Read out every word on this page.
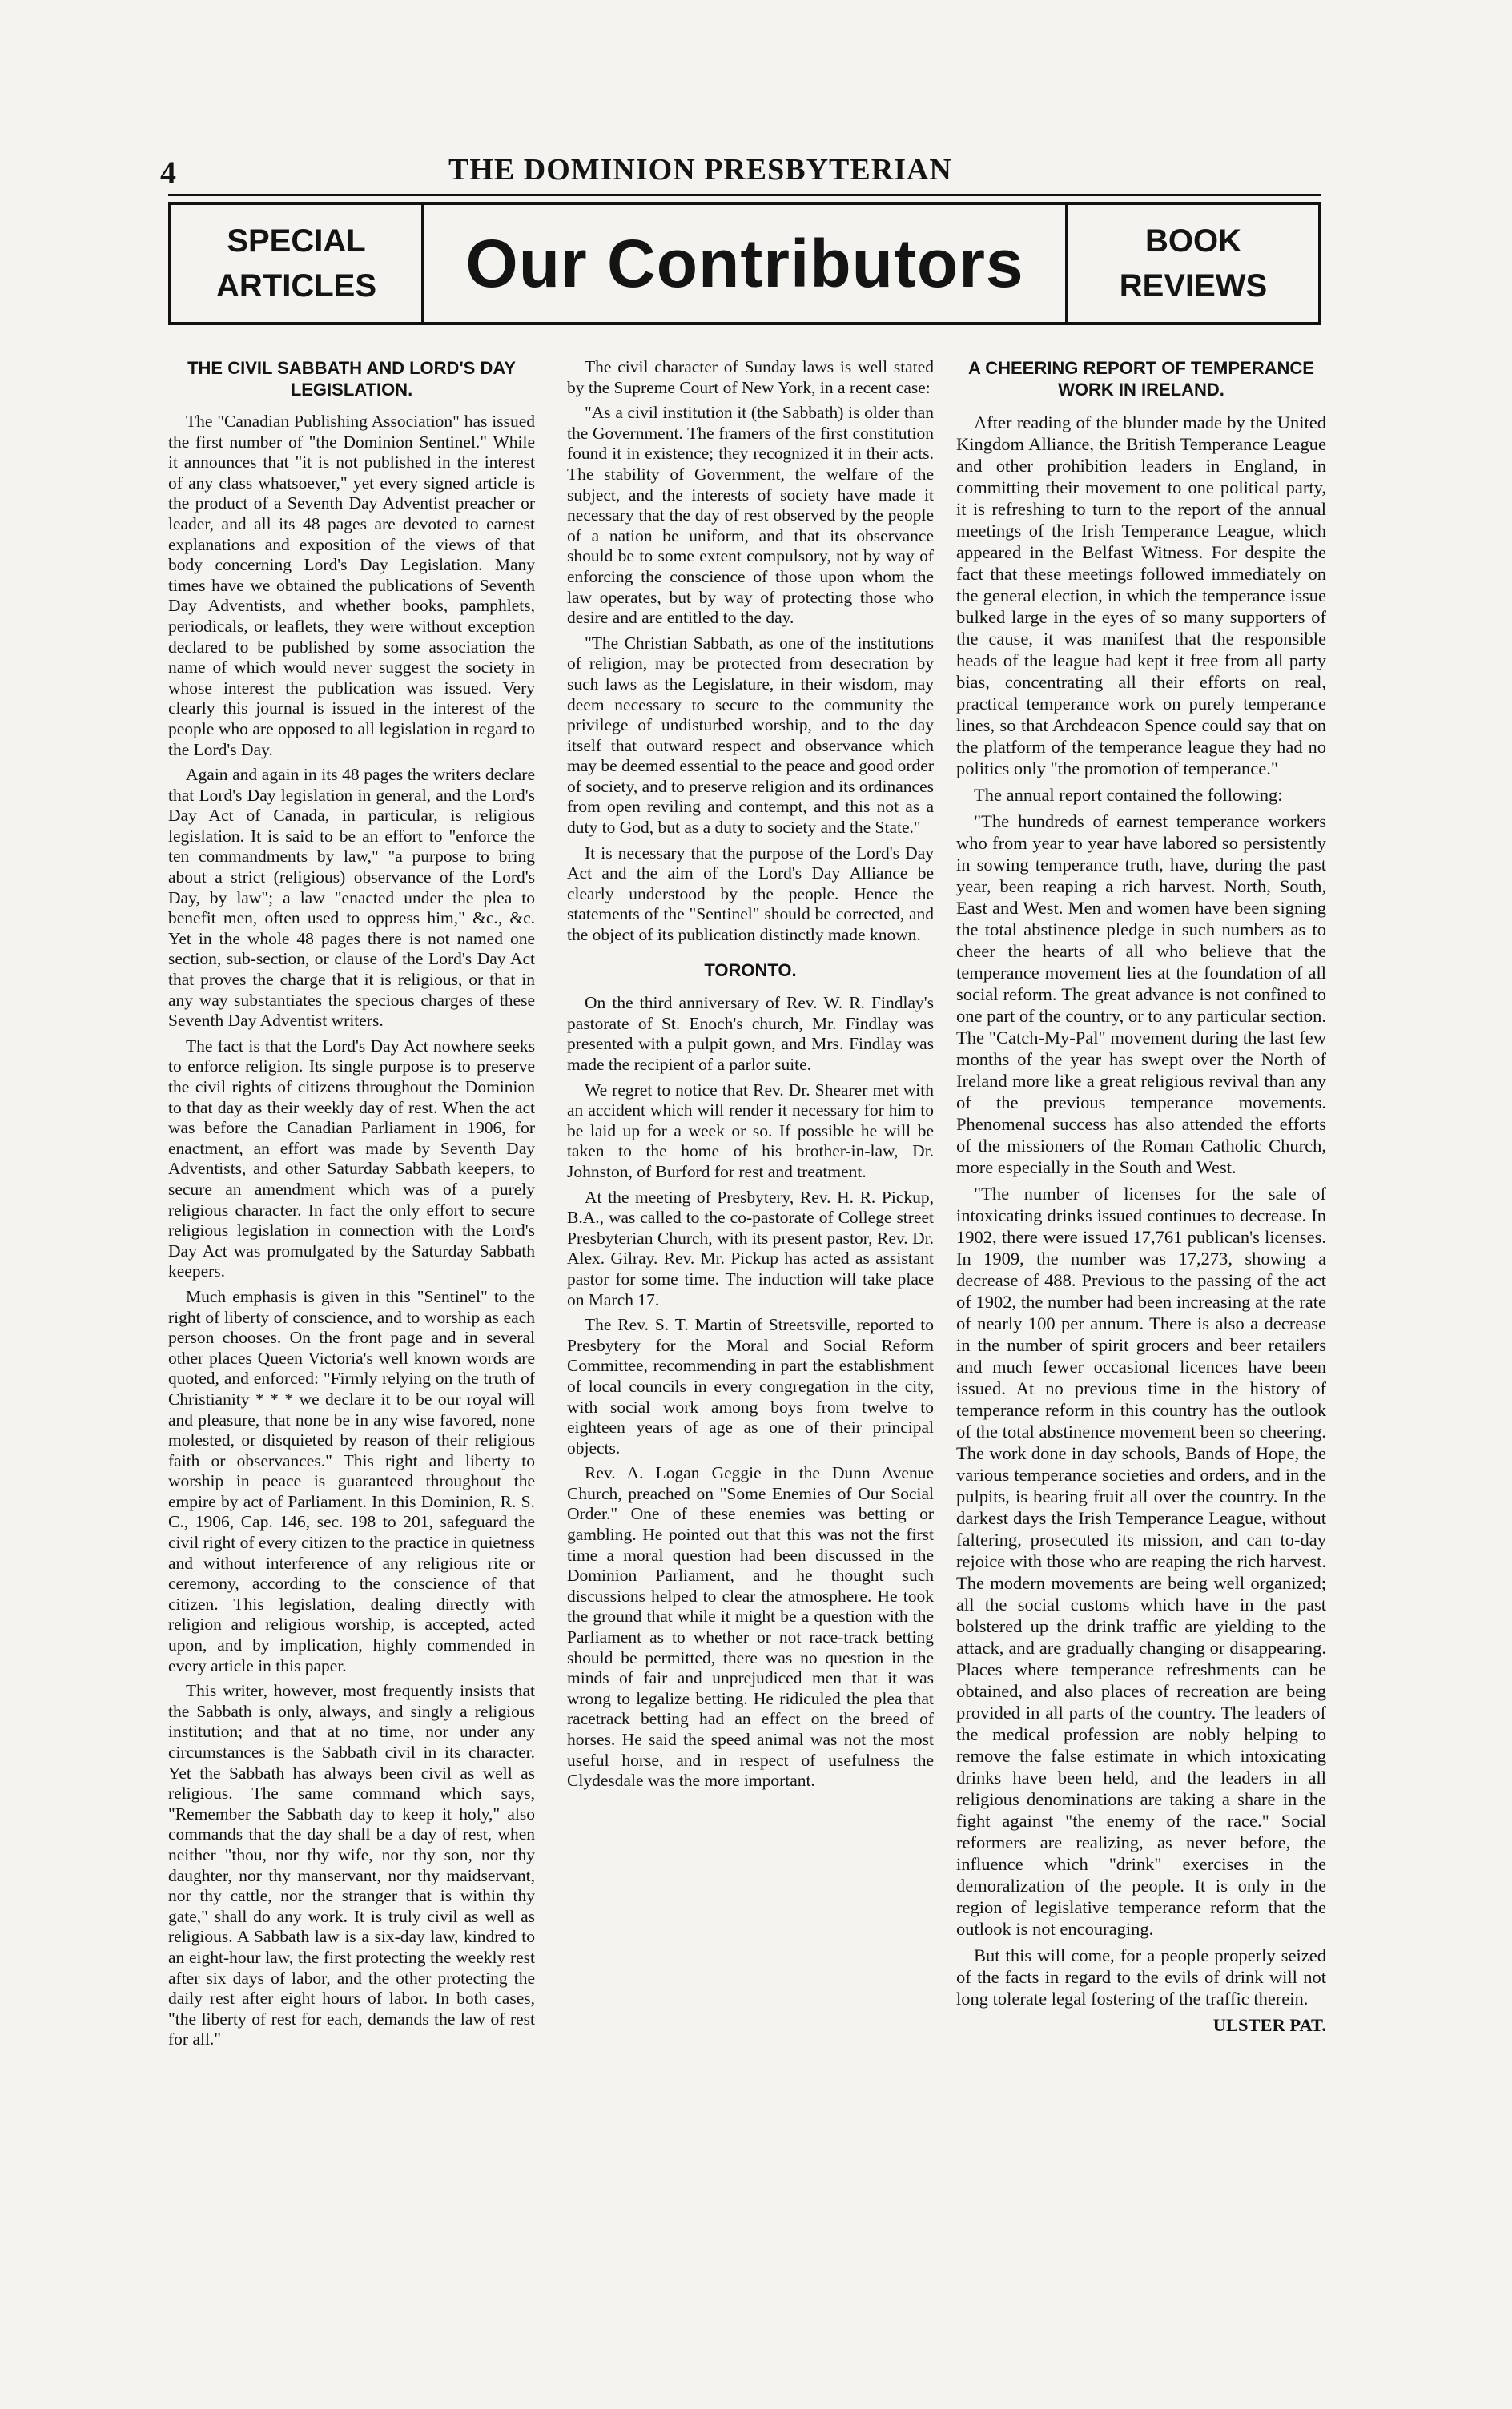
4	THE DOMINION PRESBYTERIAN
SPECIAL
ARTICLES	Our Contributors	BOOK
REVIEWS
THE CIVIL SABBATH AND LORD'S DAY LEGISLATION.

The "Canadian Publishing Association" has issued the first number of "the Dominion Sentinel." While it announces that "it is not published in the interest of any class whatsoever," yet every signed article is the product of a Seventh Day Adventist preacher or leader, and all its 48 pages are devoted to earnest explanations and exposition of the views of that body concerning Lord's Day Legislation. Many times have we obtained the publications of Seventh Day Adventists, and whether books, pamphlets, periodicals, or leaflets, they were without exception declared to be published by some association the name of which would never suggest the society in whose interest the publication was issued. Very clearly this journal is issued in the interest of the people who are opposed to all legislation in regard to the Lord's Day.

Again and again in its 48 pages the writers declare that Lord's Day legislation in general, and the Lord's Day Act of Canada, in particular, is religious legislation. It is said to be an effort to "enforce the ten commandments by law," "a purpose to bring about a strict (religious) observance of the Lord's Day, by law"; a law "enacted under the plea to benefit men, often used to oppress him," &c., &c. Yet in the whole 48 pages there is not named one section, sub-section, or clause of the Lord's Day Act that proves the charge that it is religious, or that in any way substantiates the specious charges of these Seventh Day Adventist writers.

The fact is that the Lord's Day Act nowhere seeks to enforce religion. Its single purpose is to preserve the civil rights of citizens throughout the Dominion to that day as their weekly day of rest. When the act was before the Canadian Parliament in 1906, for enactment, an effort was made by Seventh Day Adventists, and other Saturday Sabbath keepers, to secure an amendment which was of a purely religious character. In fact the only effort to secure religious legislation in connection with the Lord's Day Act was promulgated by the Saturday Sabbath keepers.

Much emphasis is given in this "Sentinel" to the right of liberty of conscience, and to worship as each person chooses. On the front page and in several other places Queen Victoria's well known words are quoted, and enforced: "Firmly relying on the truth of Christianity * * * we declare it to be our royal will and pleasure, that none be in any wise favored, none molested, or disquieted by reason of their religious faith or observances." This right and liberty to worship in peace is guaranteed throughout the empire by act of Parliament. In this Dominion, R. S. C., 1906, Cap. 146, sec. 198 to 201, safeguard the civil right of every citizen to the practice in quietness and without interference of any religious rite or ceremony, according to the conscience of that citizen. This legislation, dealing directly with religion and religious worship, is accepted, acted upon, and by implication, highly commended in every article in this paper.

This writer, however, most frequently insists that the Sabbath is only, always, and singly a religious institution; and that at no time, nor under any circumstances is the Sabbath civil in its character. Yet the Sabbath has always been civil as well as religious. The same command which says, "Remember the Sabbath day to keep it holy," also commands that the day shall be a day of rest, when neither "thou, nor thy wife, nor thy son, nor thy daughter, nor thy manservant, nor thy maidservant, nor thy cattle, nor the stranger that is within thy gate," shall do any work. It is truly civil as well as religious. A Sabbath law is a six-day law, kindred to an eight-hour law, the first protecting the weekly rest after six days of labor, and the other protecting the daily rest after eight hours of labor. In both cases, "the liberty of rest for each, demands the law of rest for all."

The civil character of Sunday laws is well stated by the Supreme Court of New York, in a recent case:

"As a civil institution it (the Sabbath) is older than the Government. The framers of the first constitution found it in existence; they recognized it in their acts. The stability of Government, the welfare of the subject, and the interests of society have made it necessary that the day of rest observed by the people of a nation be uniform, and that its observance should be to some extent compulsory, not by way of enforcing the conscience of those upon whom the law operates, but by way of protecting those who desire and are entitled to the day.

"The Christian Sabbath, as one of the institutions of religion, may be protected from desecration by such laws as the Legislature, in their wisdom, may deem necessary to secure to the community the privilege of undisturbed worship, and to the day itself that outward respect and observance which may be deemed essential to the peace and good order of society, and to preserve religion and its ordinances from open reviling and contempt, and this not as a duty to God, but as a duty to society and the State."

It is necessary that the purpose of the Lord's Day Act and the aim of the Lord's Day Alliance be clearly understood by the people. Hence the statements of the "Sentinel" should be corrected, and the object of its publication distinctly made known.

TORONTO.

On the third anniversary of Rev. W. R. Findlay's pastorate of St. Enoch's church, Mr. Findlay was presented with a pulpit gown, and Mrs. Findlay was made the recipient of a parlor suite.

We regret to notice that Rev. Dr. Shearer met with an accident which will render it necessary for him to be laid up for a week or so. If possible he will be taken to the home of his brother-in-law, Dr. Johnston, of Burford for rest and treatment.

At the meeting of Presbytery, Rev. H. R. Pickup, B.A., was called to the co-pastorate of College street Presbyterian Church, with its present pastor, Rev. Dr. Alex. Gilray. Rev. Mr. Pickup has acted as assistant pastor for some time. The induction will take place on March 17.

The Rev. S. T. Martin of Streetsville, reported to Presbytery for the Moral and Social Reform Committee, recommending in part the establishment of local councils in every congregation in the city, with social work among boys from twelve to eighteen years of age as one of their principal objects.

Rev. A. Logan Geggie in the Dunn Avenue Church, preached on "Some Enemies of Our Social Order." One of these enemies was betting or gambling. He pointed out that this was not the first time a moral question had been discussed in the Dominion Parliament, and he thought such discussions helped to clear the atmosphere. He took the ground that while it might be a question with the Parliament as to whether or not race-track betting should be permitted, there was no question in the minds of fair and unprejudiced men that it was wrong to legalize betting. He ridiculed the plea that racetrack betting had an effect on the breed of horses. He said the speed animal was not the most useful horse, and in respect of usefulness the Clydesdale was the more important.

A CHEERING REPORT OF TEMPERANCE WORK IN IRELAND.

After reading of the blunder made by the United Kingdom Alliance, the British Temperance League and other prohibition leaders in England, in committing their movement to one political party, it is refreshing to turn to the report of the annual meetings of the Irish Temperance League, which appeared in the Belfast Witness. For despite the fact that these meetings followed immediately on the general election, in which the temperance issue bulked large in the eyes of so many supporters of the cause, it was manifest that the responsible heads of the league had kept it free from all party bias, concentrating all their efforts on real, practical temperance work on purely temperance lines, so that Archdeacon Spence could say that on the platform of the temperance league they had no politics only "the promotion of temperance."

The annual report contained the following:

"The hundreds of earnest temperance workers who from year to year have labored so persistently in sowing temperance truth, have, during the past year, been reaping a rich harvest. North, South, East and West. Men and women have been signing the total abstinence pledge in such numbers as to cheer the hearts of all who believe that the temperance movement lies at the foundation of all social reform. The great advance is not confined to one part of the country, or to any particular section. The "Catch-My-Pal" movement during the last few months of the year has swept over the North of Ireland more like a great religious revival than any of the previous temperance movements. Phenomenal success has also attended the efforts of the missioners of the Roman Catholic Church, more especially in the South and West.

"The number of licenses for the sale of intoxicating drinks issued continues to decrease. In 1902, there were issued 17,761 publican's licenses. In 1909, the number was 17,273, showing a decrease of 488. Previous to the passing of the act of 1902, the number had been increasing at the rate of nearly 100 per annum. There is also a decrease in the number of spirit grocers and beer retailers and much fewer occasional licences have been issued. At no previous time in the history of temperance reform in this country has the outlook of the total abstinence movement been so cheering. The work done in day schools, Bands of Hope, the various temperance societies and orders, and in the pulpits, is bearing fruit all over the country. In the darkest days the Irish Temperance League, without faltering, prosecuted its mission, and can to-day rejoice with those who are reaping the rich harvest. The modern movements are being well organized; all the social customs which have in the past bolstered up the drink traffic are yielding to the attack, and are gradually changing or disappearing. Places where temperance refreshments can be obtained, and also places of recreation are being provided in all parts of the country. The leaders of the medical profession are nobly helping to remove the false estimate in which intoxicating drinks have been held, and the leaders in all religious denominations are taking a share in the fight against "the enemy of the race." Social reformers are realizing, as never before, the influence which "drink" exercises in the demoralization of the people. It is only in the region of legislative temperance reform that the outlook is not encouraging.

But this will come, for a people properly seized of the facts in regard to the evils of drink will not long tolerate legal fostering of the traffic therein.

ULSTER PAT.
